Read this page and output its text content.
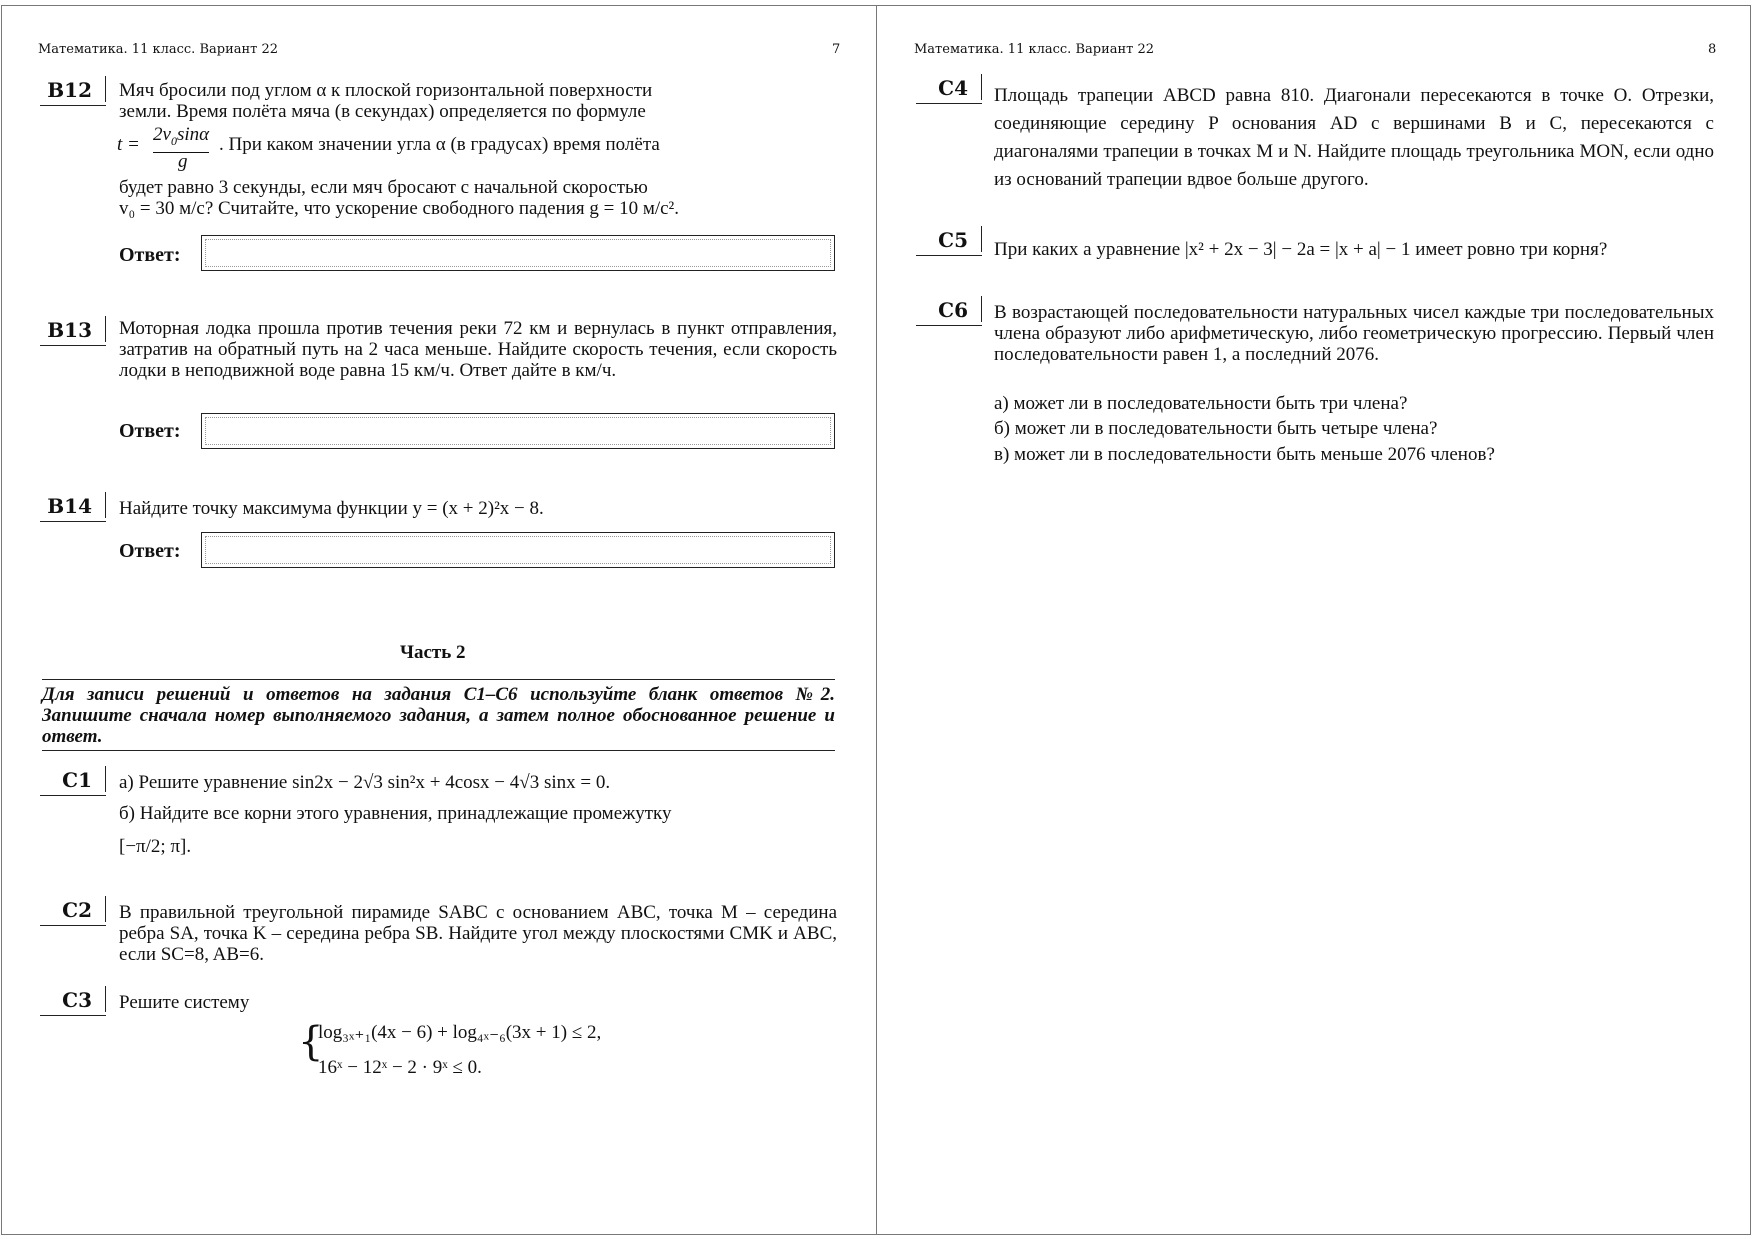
Математика. 11 класс. Вариант 22	7	Математика. 11 класс. Вариант 22	8
B12	Мяч бросили под углом α к плоской горизонтальной поверхности
земли. Время полёта мяча (в секундах) определяется по формуле
$t = 2v_0\sin\alpha$
g
. При каком значении угла α (в градусах) время полёта
будет равно 3 секунды, если мяч бросают с начальной скоростью
v₀ = 30 м/с? Считайте, что ускорение свободного падения g = 10 м/с².
Ответ:
B13	Моторная лодка прошла против течения реки 72 км и вернулась в пункт отправления, затратив на обратный путь на 2 часа меньше. Найдите скорость течения, если скорость лодки в неподвижной воде равна 15 км/ч. Ответ дайте в км/ч.
Ответ:
B14	Найдите точку максимума функции y = (x + 2)²x − 8.
Ответ:
Часть 2
Для записи решений и ответов на задания С1–С6 используйте бланк ответов №2. Запишите сначала номер выполняемого задания, а затем полное обоснованное решение и ответ.
C1	а) Решите уравнение sin2x − 2√3 sin²x + 4cosx − 4√3 sinx = 0.
б) Найдите все корни этого уравнения, принадлежащие промежутку
[−π/2; π].
C2	В правильной треугольной пирамиде SABC с основанием ABC, точка M – середина ребра SA, точка K – середина ребра SB. Найдите угол между плоскостями CMK и ABC, если SC=8, AB=6.
C3	Решите систему
{
log₃ₓ₊₁(4x − 6) + log₄ₓ₋₆(3x + 1) ≤ 2,
16ˣ − 12ˣ − 2 · 9ˣ ≤ 0.
C4	Площадь трапеции ABCD равна 810. Диагонали пересекаются в точке O. Отрезки, соединяющие середину P основания AD с вершинами B и C, пересекаются с диагоналями трапеции в точках M и N. Найдите площадь треугольника MON, если одно из оснований трапеции вдвое больше другого.
C5	При каких a уравнение |x² + 2x − 3| − 2a = |x + a| − 1 имеет ровно три корня?
C6	В возрастающей последовательности натуральных чисел каждые три последовательных члена образуют либо арифметическую, либо геометрическую прогрессию. Первый член последовательности равен 1, а последний 2076.
а) может ли в последовательности быть три члена?
б) может ли в последовательности быть четыре члена?
в) может ли в последовательности быть меньше 2076 членов?
